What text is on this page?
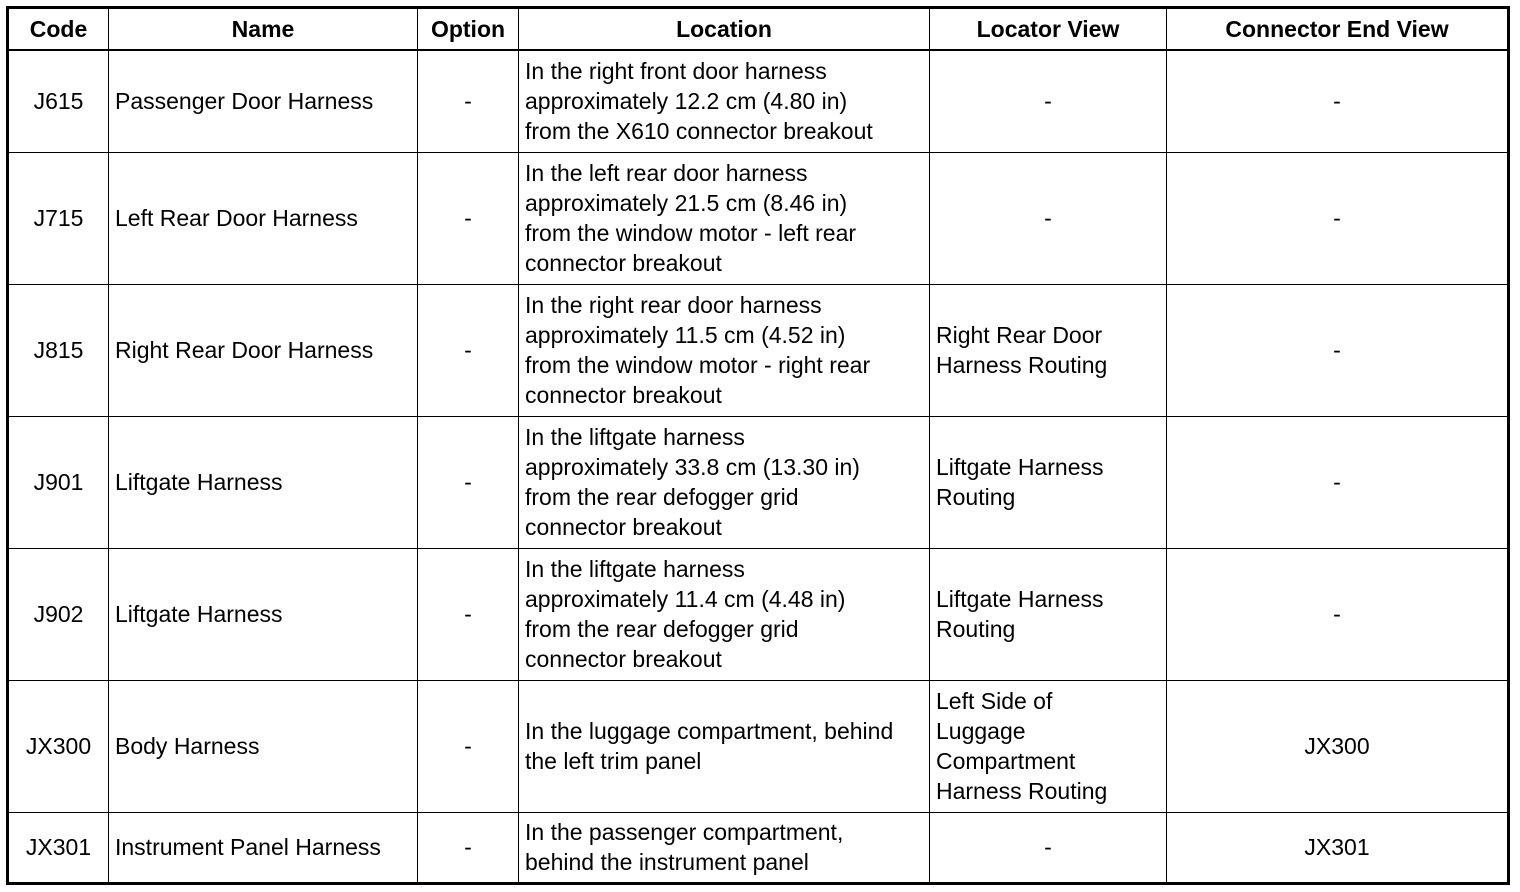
Code	Name	Option	Location	Locator View	Connector End View

J615	Passenger Door Harness	-	In the right front door harness
approximately 12.2 cm (4.80 in)
from the X610 connector breakout	-	-

J715	Left Rear Door Harness	-	In the left rear door harness
approximately 21.5 cm (8.46 in)
from the window motor - left rear
connector breakout	-	-

J815	Right Rear Door Harness	-	In the right rear door harness
approximately 11.5 cm (4.52 in)
from the window motor - right rear
connector breakout	Right Rear Door
Harness Routing	-

J901	Liftgate Harness	-	In the liftgate harness
approximately 33.8 cm (13.30 in)
from the rear defogger grid
connector breakout	Liftgate Harness
Routing	-

J902	Liftgate Harness	-	In the liftgate harness
approximately 11.4 cm (4.48 in)
from the rear defogger grid
connector breakout	Liftgate Harness
Routing	-

JX300	Body Harness	-	In the luggage compartment, behind
the left trim panel	Left Side of
Luggage
Compartment
Harness Routing	JX300

JX301	Instrument Panel Harness	-	In the passenger compartment,
behind the instrument panel	-	JX301
